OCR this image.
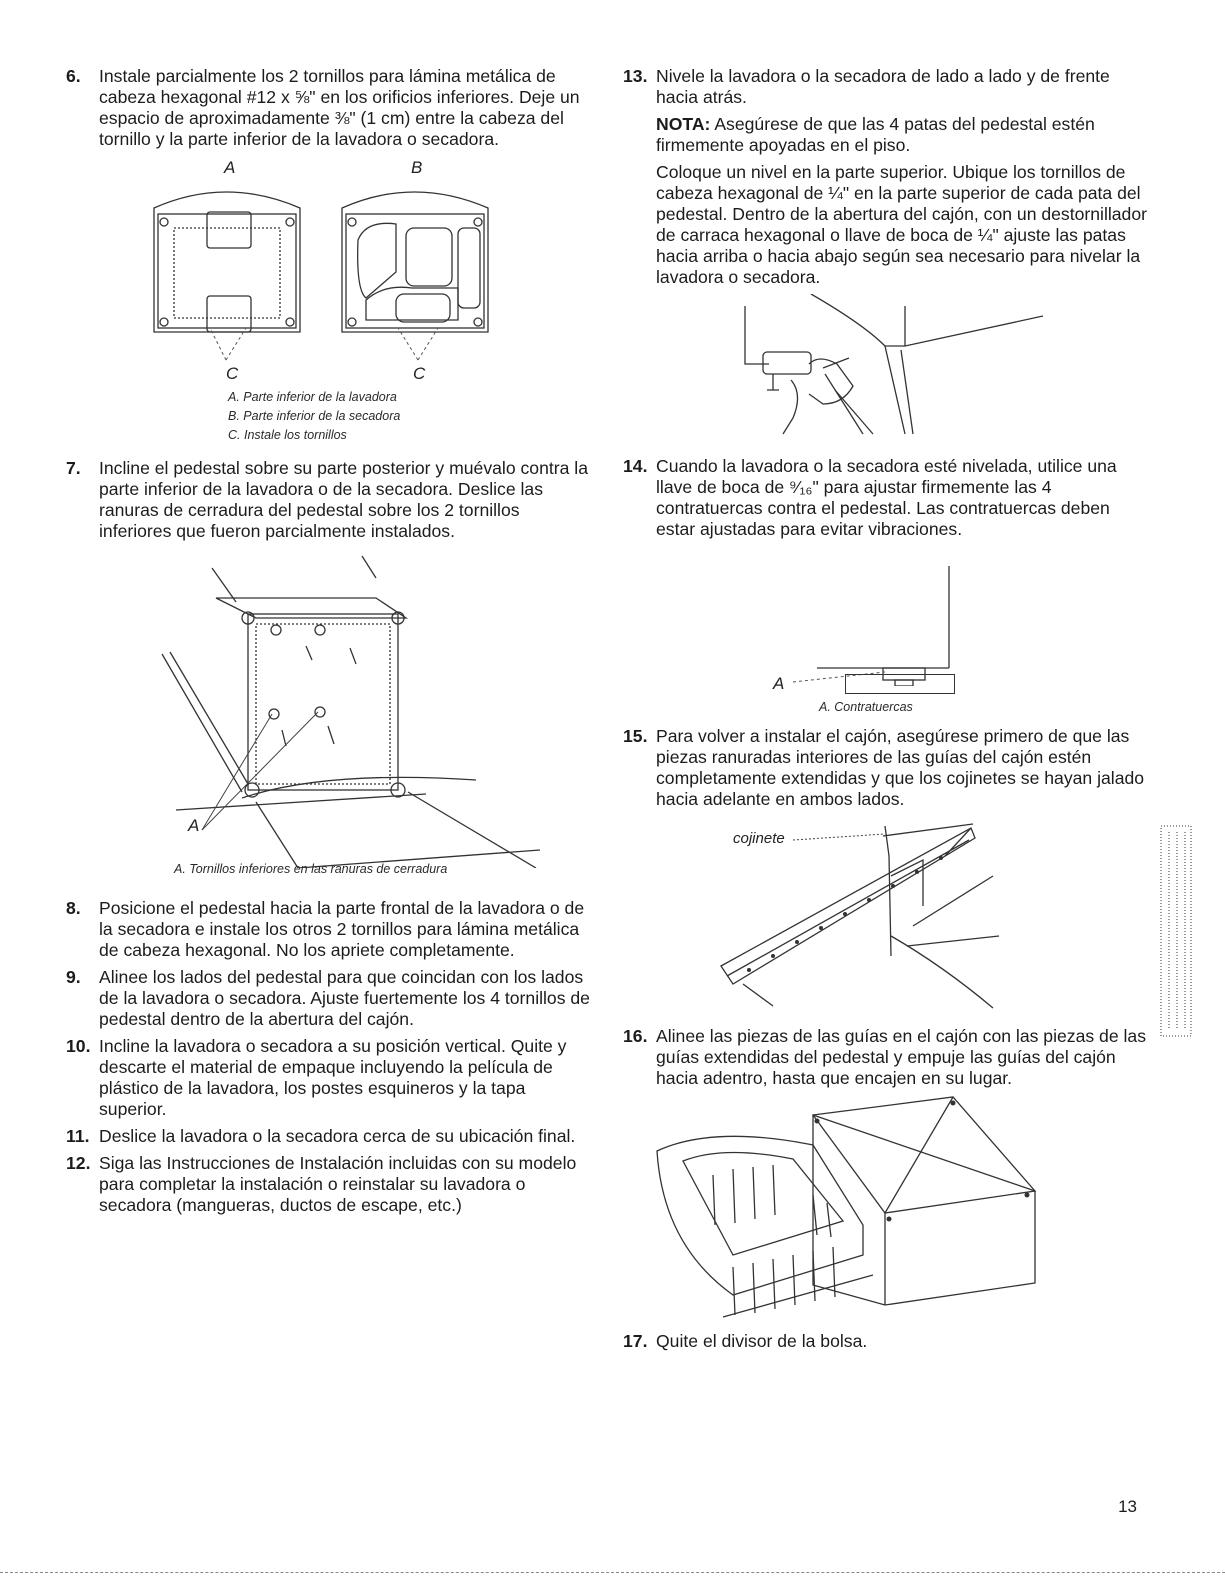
6.	Instale parcialmente los 2 tornillos para lámina metálica de cabeza hexagonal #12 x ⅝" en los orificios inferiores. Deje un espacio de aproximadamente ⅜" (1 cm) entre la cabeza del tornillo y la parte inferior de la lavadora o secadora.

A	B
C	C
A. Parte inferior de la lavadora
B. Parte inferior de la secadora
C. Instale los tornillos
7.	Incline el pedestal sobre su parte posterior y muévalo contra la parte inferior de la lavadora o de la secadora. Deslice las ranuras de cerradura del pedestal sobre los 2 tornillos inferiores que fueron parcialmente instalados.

A
A. Tornillos inferiores en las ranuras de cerradura
8.	Posicione el pedestal hacia la parte frontal de la lavadora o de la secadora e instale los otros 2 tornillos para lámina metálica de cabeza hexagonal. No los apriete completamente.

9.	Alinee los lados del pedestal para que coincidan con los lados de la lavadora o secadora. Ajuste fuertemente los 4 tornillos de pedestal dentro de la abertura del cajón.

10. Incline la lavadora o secadora a su posición vertical. Quite y descarte el material de empaque incluyendo la película de plástico de la lavadora, los postes esquineros y la tapa superior.

11. Deslice la lavadora o la secadora cerca de su ubicación final.

12. Siga las Instrucciones de Instalación incluidas con su modelo para completar la instalación o reinstalar su lavadora o secadora (mangueras, ductos de escape, etc.)

13. Nivele la lavadora o la secadora de lado a lado y de frente hacia atrás.

NOTA: Asegúrese de que las 4 patas del pedestal estén firmemente apoyadas en el piso.

Coloque un nivel en la parte superior. Ubique los tornillos de cabeza hexagonal de ¼" en la parte superior de cada pata del pedestal. Dentro de la abertura del cajón, con un destornillador de carraca hexagonal o llave de boca de ¼" ajuste las patas hacia arriba o hacia abajo según sea necesario para nivelar la lavadora o secadora.

14. Cuando la lavadora o la secadora esté nivelada, utilice una llave de boca de ⁹⁄₁₆" para ajustar firmemente las 4 contratuercas contra el pedestal. Las contratuercas deben estar ajustadas para evitar vibraciones.

A
A. Contratuercas
15. Para volver a instalar el cajón, asegúrese primero de que las piezas ranuradas interiores de las guías del cajón estén completamente extendidas y que los cojinetes se hayan jalado hacia adelante en ambos lados.

cojinete
16. Alinee las piezas de las guías en el cajón con las piezas de las guías extendidas del pedestal y empuje las guías del cajón hacia adentro, hasta que encajen en su lugar.

17. Quite el divisor de la bolsa.

13
